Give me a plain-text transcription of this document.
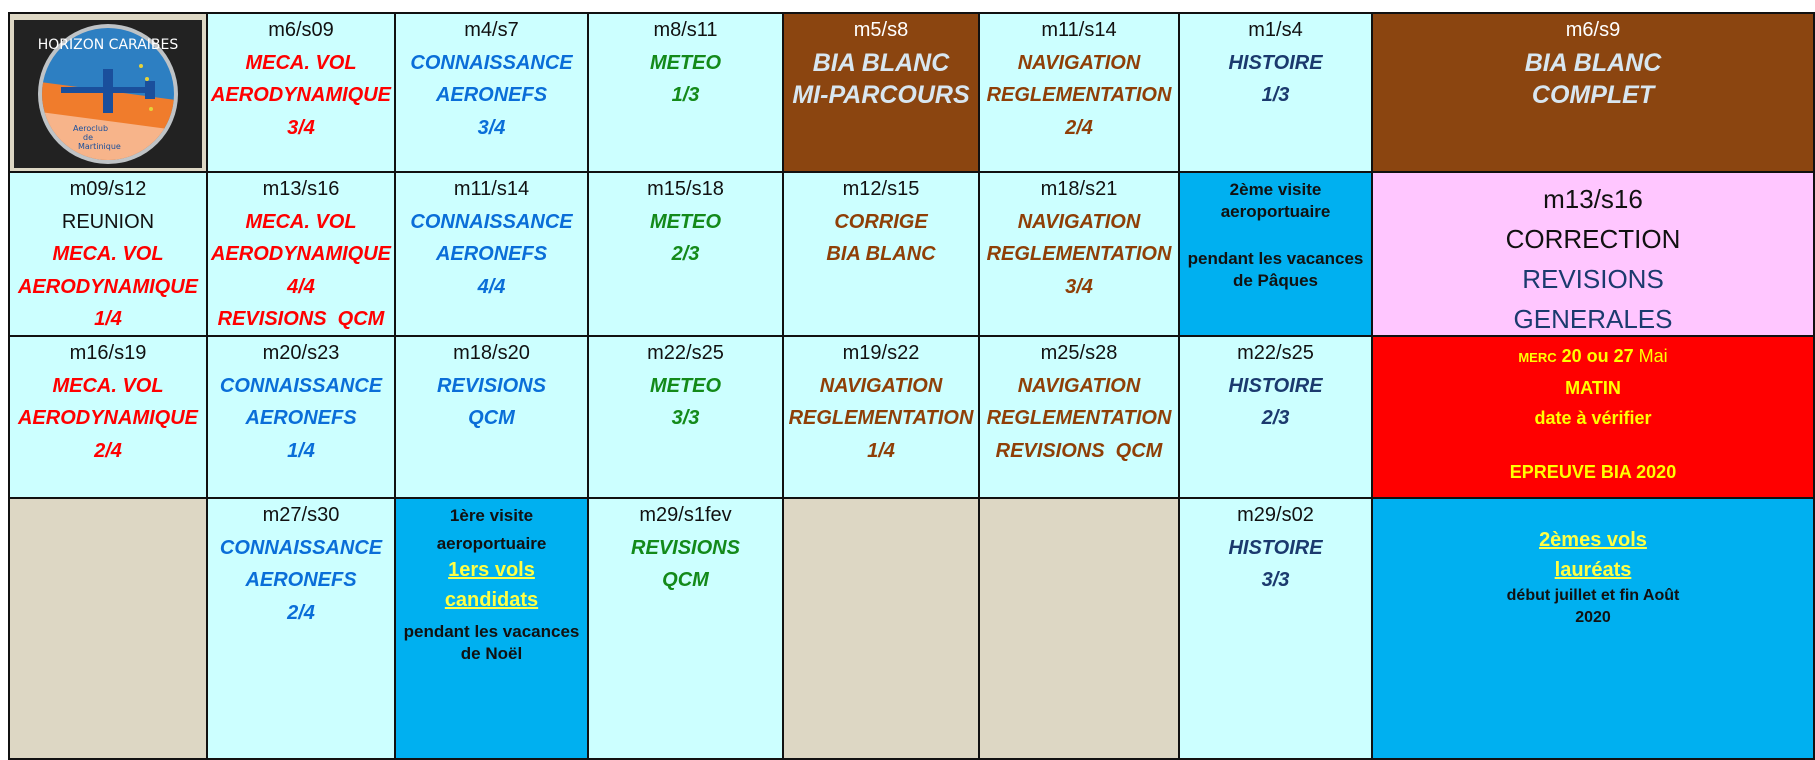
HORIZON CARAIBES
Aeroclub
de
Martinique
m6/s09
MECA. VOL
AERODYNAMIQUE
3/4
m4/s7
CONNAISSANCE
AERONEFS
3/4
m8/s11
METEO
1/3
m5/s8
BIA BLANC
MI-PARCOURS
m11/s14
NAVIGATION
REGLEMENTATION
2/4
m1/s4
HISTOIRE
1/3
m6/s9
BIA BLANC
COMPLET
m09/s12
REUNION
MECA. VOL
AERODYNAMIQUE
1/4
m13/s16
MECA. VOL
AERODYNAMIQUE
4/4
REVISIONS  QCM
m11/s14
CONNAISSANCE
AERONEFS
4/4
m15/s18
METEO
2/3
m12/s15
CORRIGE
BIA BLANC
m18/s21
NAVIGATION
REGLEMENTATION
3/4
2ème visite
aeroportuaire
pendant les vacances
de Pâques
m13/s16
CORRECTION
REVISIONS
GENERALES
m16/s19
MECA. VOL
AERODYNAMIQUE
2/4
m20/s23
CONNAISSANCE
AERONEFS
1/4
m18/s20
REVISIONS
QCM
m22/s25
METEO
3/3
m19/s22
NAVIGATION
REGLEMENTATION
1/4
m25/s28
NAVIGATION
REGLEMENTATION
REVISIONS  QCM
m22/s25
HISTOIRE
2/3
MERC 20 ou 27 Mai
MATIN
date à vérifier
EPREUVE BIA 2020
m27/s30
CONNAISSANCE
AERONEFS
2/4
1ère visite
aeroportuaire
1ers vols
candidats
pendant les vacances
de Noël
m29/s1fev
REVISIONS
QCM
m29/s02
HISTOIRE
3/3
2èmes vols
lauréats
début juillet et fin Août
2020
